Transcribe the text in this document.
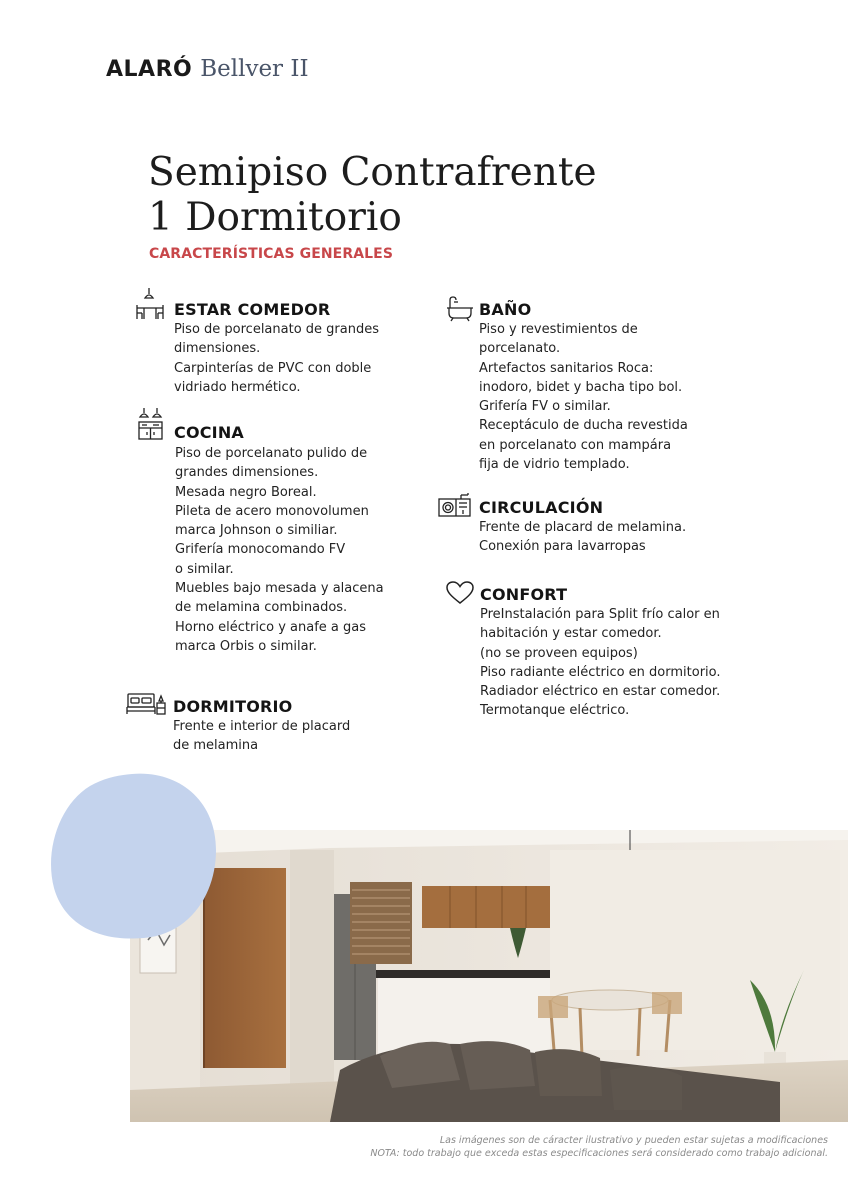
ALARÓ Bellver II
Semipiso Contrafrente
1 Dormitorio
CARACTERÍSTICAS GENERALES
ESTAR COMEDOR

Piso de porcelanato de grandes

dimensiones.

Carpinterías de PVC con doble

vidriado hermético.

COCINA

Piso de porcelanato pulido de

grandes dimensiones.

Mesada negro Boreal.

Pileta de acero monovolumen

marca Johnson o similiar.

Grifería monocomando FV

o similar.

Muebles bajo mesada y alacena

de melamina combinados.

Horno eléctrico y anafe a gas

marca Orbis o similar.

DORMITORIO

Frente e interior de placard

de melamina

BAÑO

Piso y revestimientos de

porcelanato.

Artefactos sanitarios Roca:

inodoro, bidet y bacha tipo bol.

Grifería FV o similar.

Receptáculo de ducha revestida

en porcelanato con mampára

fija de vidrio templado.

CIRCULACIÓN

Frente de placard de melamina.

Conexión para lavarropas

CONFORT

PreInstalación para Split frío calor en

habitación y estar comedor.

(no se proveen equipos)

Piso radiante eléctrico en dormitorio.

Radiador eléctrico en estar comedor.

Termotanque eléctrico.

Las imágenes son de cáracter ilustrativo y pueden estar sujetas a modificaciones
NOTA: todo trabajo que exceda estas especificaciones será considerado como trabajo adicional.
